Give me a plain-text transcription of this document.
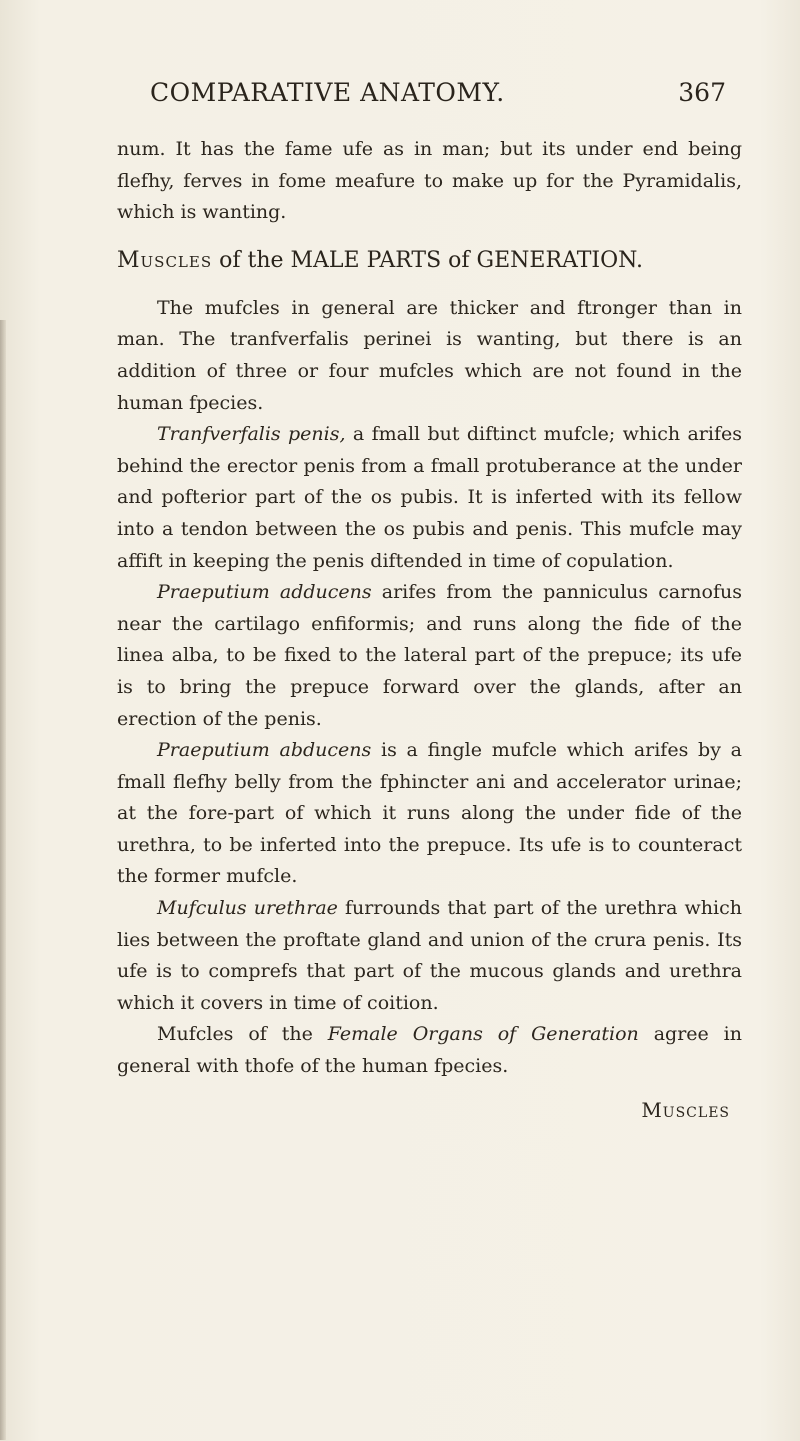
COMPARATIVE ANATOMY.	367

num. It has the fame ufe as in man; but its under end being flefhy, ferves in fome meafure to make up for the Pyramidalis, which is wanting.

Muscles of the MALE PARTS of GENERATION.

The mufcles in general are thicker and ftronger than in man. The tranfverfalis perinei is wanting, but there is an addition of three or four mufcles which are not found in the human fpecies.

Tranfverfalis penis, a fmall but diftinct mufcle; which arifes behind the erector penis from a fmall protuberance at the under and pofterior part of the os pubis. It is inferted with its fellow into a tendon between the os pubis and penis. This mufcle may affift in keeping the penis diftended in time of copulation.

Praeputium adducens arifes from the panniculus carnofus near the cartilago enfiformis; and runs along the fide of the linea alba, to be fixed to the lateral part of the prepuce; its ufe is to bring the prepuce forward over the glands, after an erection of the penis.

Praeputium abducens is a fingle mufcle which arifes by a fmall flefhy belly from the fphincter ani and accelerator urinae; at the fore-part of which it runs along the under fide of the urethra, to be inferted into the prepuce. Its ufe is to counteract the former mufcle.

Mufculus urethrae furrounds that part of the urethra which lies between the proftate gland and union of the crura penis. Its ufe is to comprefs that part of the mucous glands and urethra which it covers in time of coition.

Mufcles of the Female Organs of Generation agree in general with thofe of the human fpecies.

Muscles
